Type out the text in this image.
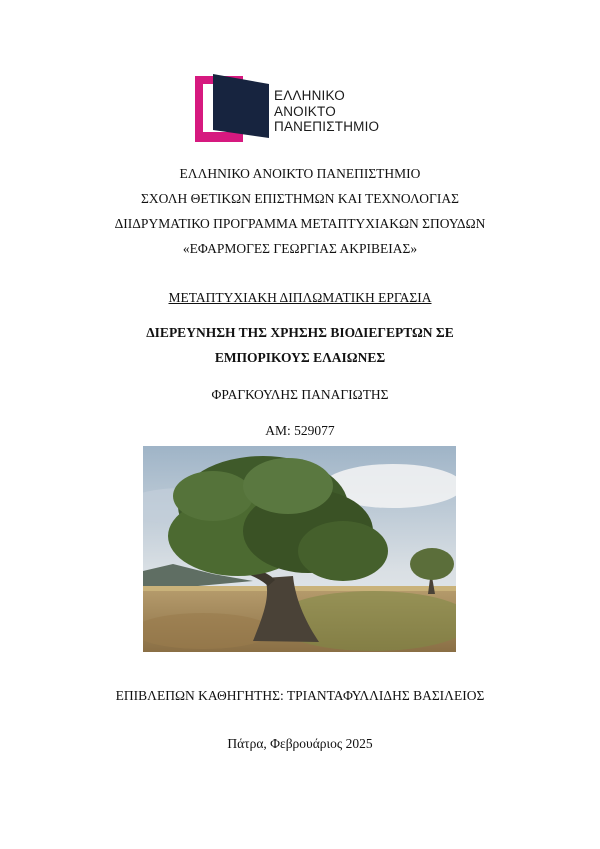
ΕΛΛΗΝΙΚΟ
ΑΝΟΙΚΤΟ
ΠΑΝΕΠΙΣΤΗΜΙΟ
ΕΛΛΗΝΙΚΟ ΑΝΟΙΚΤΟ ΠΑΝΕΠΙΣΤΗΜΙΟ
ΣΧΟΛΗ ΘΕΤΙΚΩΝ ΕΠΙΣΤΗΜΩΝ ΚΑΙ ΤΕΧΝΟΛΟΓΙΑΣ
ΔΙΙΔΡΥΜΑΤΙΚΟ ΠΡΟΓΡΑΜΜΑ ΜΕΤΑΠΤΥΧΙΑΚΩΝ ΣΠΟΥΔΩΝ
«ΕΦΑΡΜΟΓΕΣ ΓΕΩΡΓΙΑΣ ΑΚΡΙΒΕΙΑΣ»
ΜΕΤΑΠΤΥΧΙΑΚΗ ΔΙΠΛΩΜΑΤΙΚΗ ΕΡΓΑΣΙΑ
ΔΙΕΡΕΥΝΗΣΗ ΤΗΣ ΧΡΗΣΗΣ ΒΙΟΔΙΕΓΕΡΤΩΝ ΣΕ
ΕΜΠΟΡΙΚΟΥΣ ΕΛΑΙΩΝΕΣ
ΦΡΑΓΚΟΥΛΗΣ ΠΑΝΑΓΙΩΤΗΣ
ΑΜ: 529077
ΕΠΙΒΛΕΠΩΝ ΚΑΘΗΓΗΤΗΣ: ΤΡΙΑΝΤΑΦΥΛΛΙΔΗΣ ΒΑΣΙΛΕΙΟΣ
Πάτρα, Φεβρουάριος 2025
